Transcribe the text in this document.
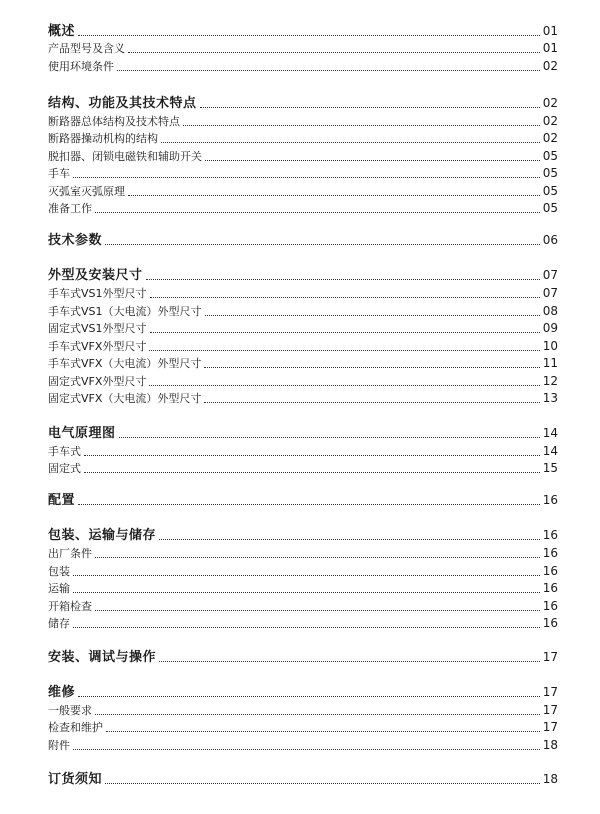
概述	01
产品型号及含义	01
使用环境条件	02
结构、功能及其技术特点	02
断路器总体结构及技术特点	02
断路器操动机构的结构	02
脱扣器、闭锁电磁铁和辅助开关	05
手车	05
灭弧室灭弧原理	05
准备工作	05
技术参数	06
外型及安装尺寸	07
手车式VS1外型尺寸	07
手车式VS1（大电流）外型尺寸	08
固定式VS1外型尺寸	09
手车式VFX外型尺寸	10
手车式VFX（大电流）外型尺寸	11
固定式VFX外型尺寸	12
固定式VFX（大电流）外型尺寸	13
电气原理图	14
手车式	14
固定式	15
配置	16
包装、运输与储存	16
出厂条件	16
包装	16
运输	16
开箱检查	16
储存	16
安装、调试与操作	17
维修	17
一般要求	17
检查和维护	17
附件	18
订货须知	18
